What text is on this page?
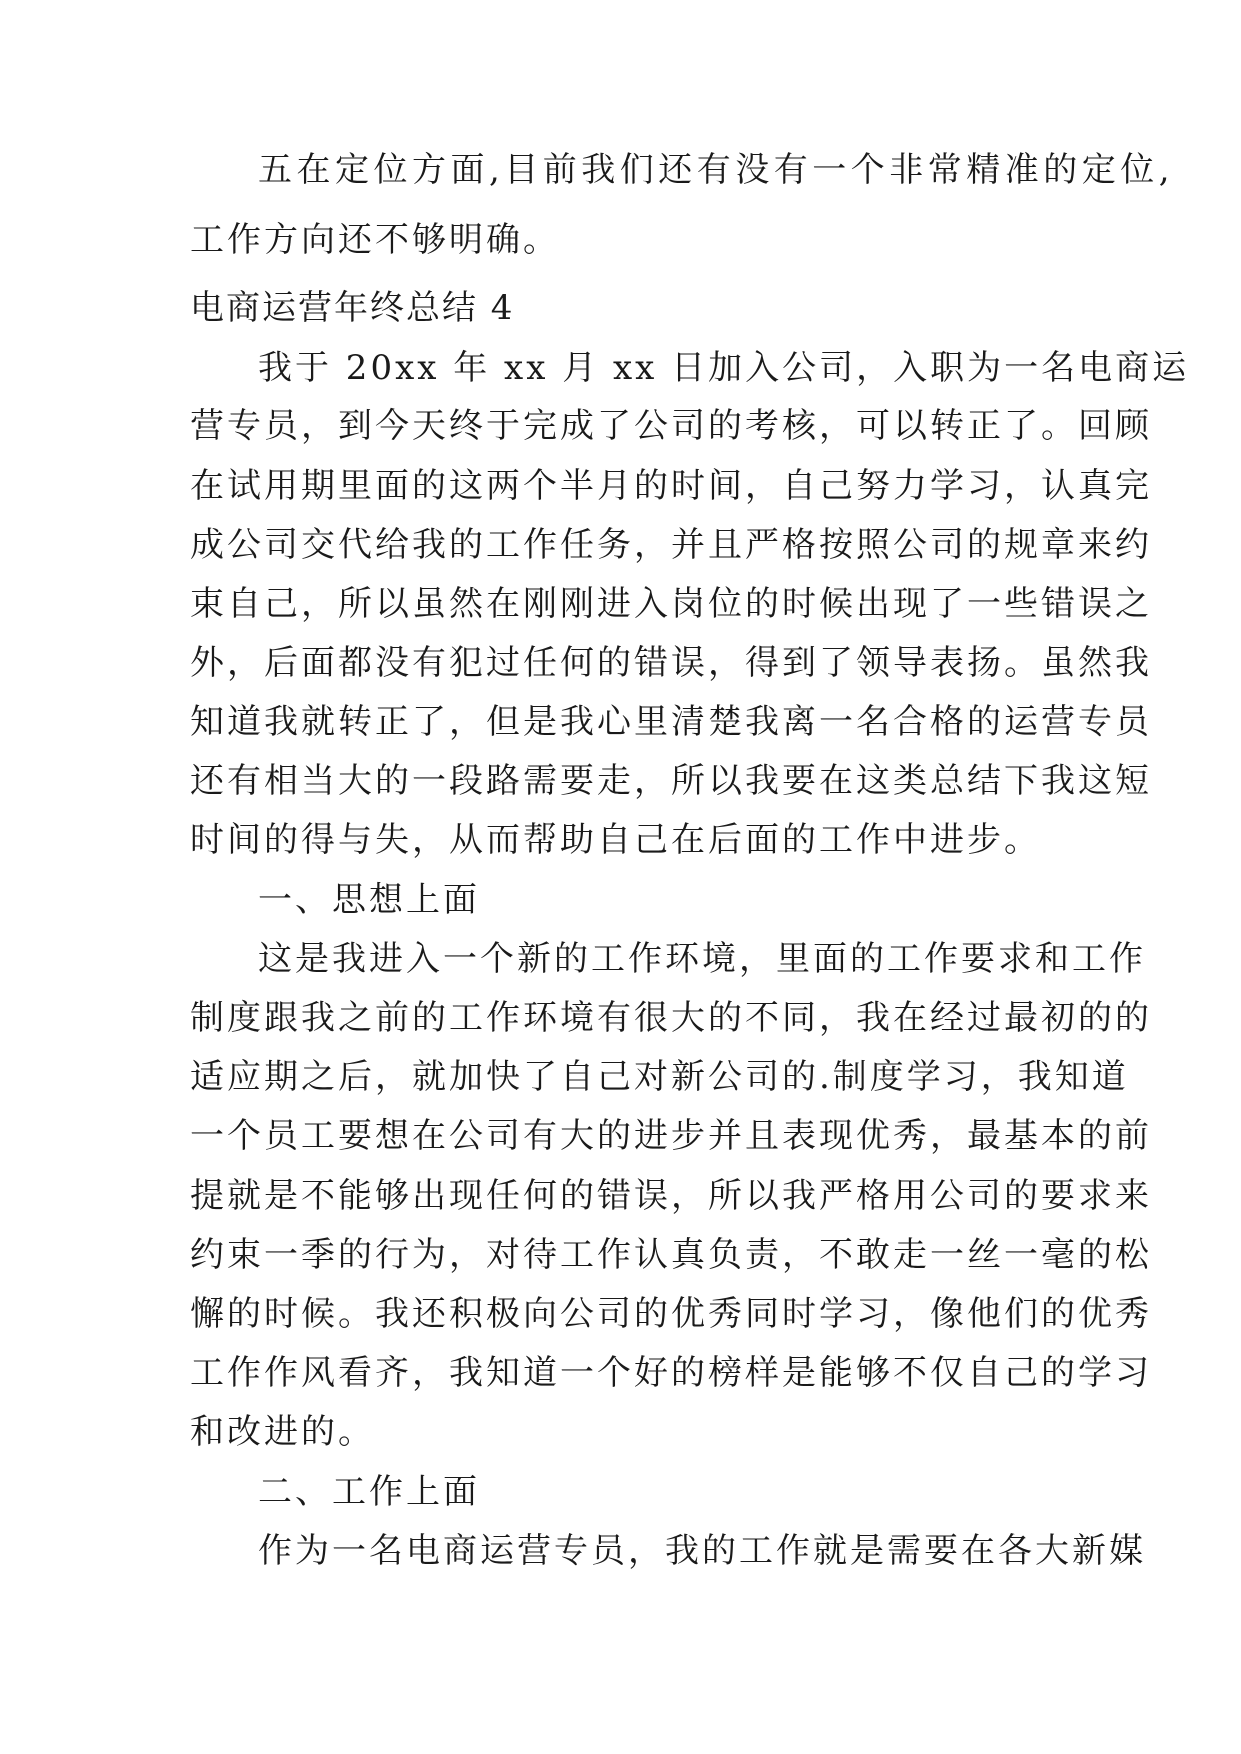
五在定位方面,目前我们还有没有一个非常精准的定位,

工作方向还不够明确。

电商运营年终总结 4

我于 20xx 年 xx 月 xx 日加入公司，入职为一名电商运

营专员，到今天终于完成了公司的考核，可以转正了。回顾

在试用期里面的这两个半月的时间，自己努力学习，认真完

成公司交代给我的工作任务，并且严格按照公司的规章来约

束自己，所以虽然在刚刚进入岗位的时候出现了一些错误之

外，后面都没有犯过任何的错误，得到了领导表扬。虽然我

知道我就转正了，但是我心里清楚我离一名合格的运营专员

还有相当大的一段路需要走，所以我要在这类总结下我这短

时间的得与失，从而帮助自己在后面的工作中进步。

一、思想上面

这是我进入一个新的工作环境，里面的工作要求和工作

制度跟我之前的工作环境有很大的不同，我在经过最初的的

适应期之后，就加快了自己对新公司的.制度学习，我知道

一个员工要想在公司有大的进步并且表现优秀，最基本的前

提就是不能够出现任何的错误，所以我严格用公司的要求来

约束一季的行为，对待工作认真负责，不敢走一丝一毫的松

懈的时候。我还积极向公司的优秀同时学习，像他们的优秀

工作作风看齐，我知道一个好的榜样是能够不仅自己的学习

和改进的。

二、工作上面

作为一名电商运营专员，我的工作就是需要在各大新媒
